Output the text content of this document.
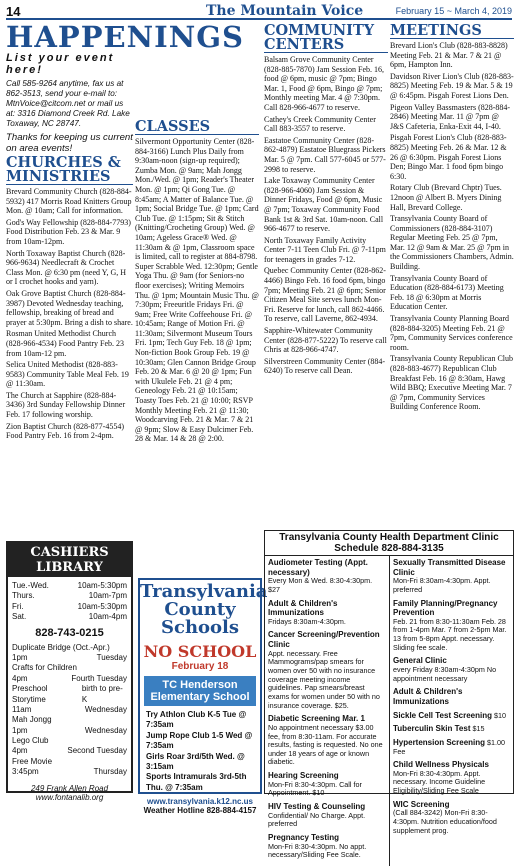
14	The Mountain Voice	February 15 ~ March 4, 2019
HAPPENINGS
List your event here!
Call 585-9264 anytime, fax us at 862-3513, send your e-mail to: MtnVoice@citcom.net or mail us at: 3316 Diamond Creek Rd. Lake Toxaway, NC 28747.
Thanks for keeping us current on area events!
CHURCHES & MINISTRIES
Brevard Community Church (828-884-5932) 417 Morris Road Knitters Group Mon. @ 10am; Call for information.
God's Way Fellowship (828-884-7793) Food Distribution Feb. 23 & Mar. 9 from 10am-12pm.
North Toxaway Baptist Church (828-966-9634) Needlecraft & Crochet Class Mon. @ 6:30 pm (need Y, G, H or I crochet hooks and yarn).
Oak Grove Baptist Church (828-884-3987) Devoted Wednesday teaching, fellowship, breaking of bread and prayer at 5:30pm. Bring a dish to share.
Rosman United Methodist Church (828-966-4534) Food Pantry Feb. 23 from 10am-12 pm.
Selica United Methodist (828-883-9583) Community Table Meal Feb. 19 @ 11:30am.
The Church at Sapphire (828-884-3436) 3rd Sunday Fellowship Dinner Feb. 17 following worship.
Zion Baptist Church (828-877-4554) Food Pantry Feb. 16 from 2-4pm.
CLASSES
Silvermont Opportunity Center (828-884-3166) Lunch Plus Daily from 9:30am-noon (sign-up required); Zumba Mon. @ 9am; Mah Jongg Mon./Wed. @ 1pm; Reader's Theater Mon. @ 1pm; Qi Gong Tue. @ 8:45am; A Matter of Balance Tue. @ 1pm; Social Bridge Tue. @ 1pm; Card Club Tue. @ 1:15pm; Sit & Stitch (Knitting/Crocheting Group) Wed. @ 10am; Ageless Grace® Wed. @ 11:30am & @ 1pm, Classroom space is limited, call to register at 884-8798. Super Scrabble Wed. 12:30pm; Gentle Yoga Thu. @ 9am (for Seniors-no floor exercises); Writing Memoirs Thu. @ 1pm; Mountain Music Thu. @ 7:30pm; Freeuritle Fridays Fri. @ 9am; Free Write Coffeehouse Fri. @ 10:45am; Range of Motion Fri. @ 11:30am; Silvermont Museum Tours Fri. 1pm; Tech Guy Feb. 18 @ 1pm; Non-fiction Book Group Feb. 19 @ 10:30am; Glen Cannon Bridge Group Feb. 20 & Mar. 6 @ 20 @ 1pm; Fun with Ukulele Feb. 21 @ 4 pm; Geneology Feb. 21 @ 10:15am; Toasty Toes Feb. 21 @ 10:00; RSVP Monthly Meeting Feb. 21 @ 11:30; Woodcarving Feb. 21 & Mar. 7 & 21 @ 9pm; Slow & Easy Dulcimer Feb. 28 & Mar. 14 & 28 @ 2:00.
COMMUNITY CENTERS
Balsam Grove Community Center (828-885-7870) Jam Session Feb. 16, food @ 6pm, music @ 7pm; Bingo Mar. 1, Food @ 6pm, Bingo @ 7pm; Monthly meeting Mar. 4 @ 7:30pm. Call 828-966-4677 to reserve.
Cathey's Creek Community Center Call 883-3557 to reserve.
Eastatoe Community Center (828-862-4879) Eastatoe Bluegrass Pickers Mar. 5 @ 7pm. Call 577-6045 or 577-2998 to reserve.
Lake Toxaway Community Center (828-966-4060) Jam Session & Dinner Fridays, Food @ 6pm, Music @ 7pm; Toxaway Community Food Bank 1st & 3rd Sat. 10am-noon. Call 966-4677 to reserve.
North Toxaway Family Activity Center 7-11 Teen Club Fri. @ 7-11pm for teenagers in grades 7-12.
Quebec Community Center (828-862-4466) Bingo Feb. 16 food 6pm, bingo 7pm; Meeting Feb. 21 @ 6pm; Senior Citizen Meal Site serves lunch Mon-Fri. Reserve for lunch, call 862-4466. To reserve, call Laverne, 862-4934.
Sapphire-Whitewater Community Center (828-877-5222) To reserve call Chris at 828-966-4747.
Silverstreen Community Center (884-6240) To reserve call Dean.
MEETINGS
Brevard Lion's Club (828-883-8828) Meeting Feb. 21 & Mar. 7 & 21 @ 6pm, Hampton Inn.
Davidson River Lion's Club (828-883-8825) Meeting Feb. 19 & Mar. 5 & 19 @ 6:45pm. Pisgah Forest Lions Den.
Pigeon Valley Bassmasters (828-884-2846) Meeting Mar. 11 @ 7pm @ J&S Cafeteria, Enka-Exit 44, I-40.
Pisgah Forest Lion's Club (828-883-8825) Meeting Feb. 26 & Mar. 12 & 26 @ 6:30pm. Pisgah Forest Lions Den; Bingo Mar. 1 food 6pm bingo 6:30.
Rotary Club (Brevard Chptr) Tues. 12noon @ Albert B. Myers Dining Hall, Brevard College.
Transylvania County Board of Commissioners (828-884-3107) Regular Meeting Feb. 25 @ 7pm, Mar. 12 @ 9am & Mar. 25 @ 7pm in the Commissioners Chambers, Admin. Building.
Transylvania County Board of Education (828-884-6173) Meeting Feb. 18 @ 6:30pm at Morris Education Center.
Transylvania County Planning Board (828-884-3205) Meeting Feb. 21 @ 7pm, Community Services conference room.
Transylvania County Republican Club (828-883-4677) Republican Club Breakfast Feb. 16 @ 8:30am, Hawg Wild BBQ; Executive Meeting Mar. 7 @ 7pm, Community Services Building Conference Room.
CASHIERS LIBRARY
Tue.-Wed.	10am-5:30pm
Thurs.	10am-7pm
Fri.	10am-5:30pm
Sat.	10am-4pm
828-743-0215
Duplicate Bridge (Oct.-Apr.)
1pm	Tuesday
Crafts for Children
4pm	Fourth Tuesday
Preschool Storytime
birth to pre-K
11am	Wednesday
Mah Jongg
1pm	Wednesday
Lego Club
4pm	Second Tuesday
Free Movie
3:45pm	Thursday
249 Frank Allen Road
www.fontanalib.org
Transylvania County Schools
NO SCHOOL
February 18
TC Henderson Elementary School
Try Athlon Club K-5 Tue @ 7:35am
Jump Rope Club 1-5 Wed @ 7:35am
Girls Roar 3rd/5th Wed. @ 3:15am
Sports Intramurals 3rd-5th Thu. @ 7:35am
www.transylvania.k12.nc.us
Weather Hotline 828-884-4157
Transylvania County Health Department Clinic Schedule 828-884-3135
Audiometer Testing (Appt. necessary)
Every Mon & Wed. 8:30-4:30pm. $27
Adult & Children's Immunizations
Fridays 8:30am-4:30pm.
Cancer Screening/Prevention Clinic
Appt. necessary. Free Mammograms/pap smears for women over 50 with no insurance coverage meeting income guidelines. Pap smears/breast exams for women under 50 with no insurance coverage. $25.
Diabetic Screening Mar. 1
No appointment necessary $3.00 fee, from 8:30-11am. For accurate results, fasting is requested. No one under 18 years of age or known diabetic.
Hearing Screening
Mon-Fri 8:30-4:30pm. Call for Appointment. $10
HIV Testing & Counseling
Confidential/ No Charge. Appt. preferred
Pregnancy Testing
Mon-Fri 8:30-4:30pm. No appt. necessary/Sliding Fee Scale.
Sexually Transmitted Disease Clinic
Mon-Fri 8:30am-4:30pm. Appt. preferred
Family Planning/Pregnancy Prevention
Feb. 21 from 8:30-11:30am Feb. 28 from 1-4pm Mar. 7 from 2-5pm Mar. 13 from 5-8pm Appt. necessary. Sliding fee scale.
General Clinic
every Friday 8:30am-4:30pm No appointment necessary
Adult & Children's Immunizations
Sickle Cell Test Screening $10
Tuberculin Skin Test $15
Hypertension Screening $1.00 Fee
Child Wellness Physicals
Mon-Fri 8:30-4:30pm. Appt. necessary. Income Guideline Eligibility/Sliding Fee Scale
WIC Screening
(Call 884-3242) Mon-Fri 8:30-4:30pm. Nutrition education/food supplement prog.
